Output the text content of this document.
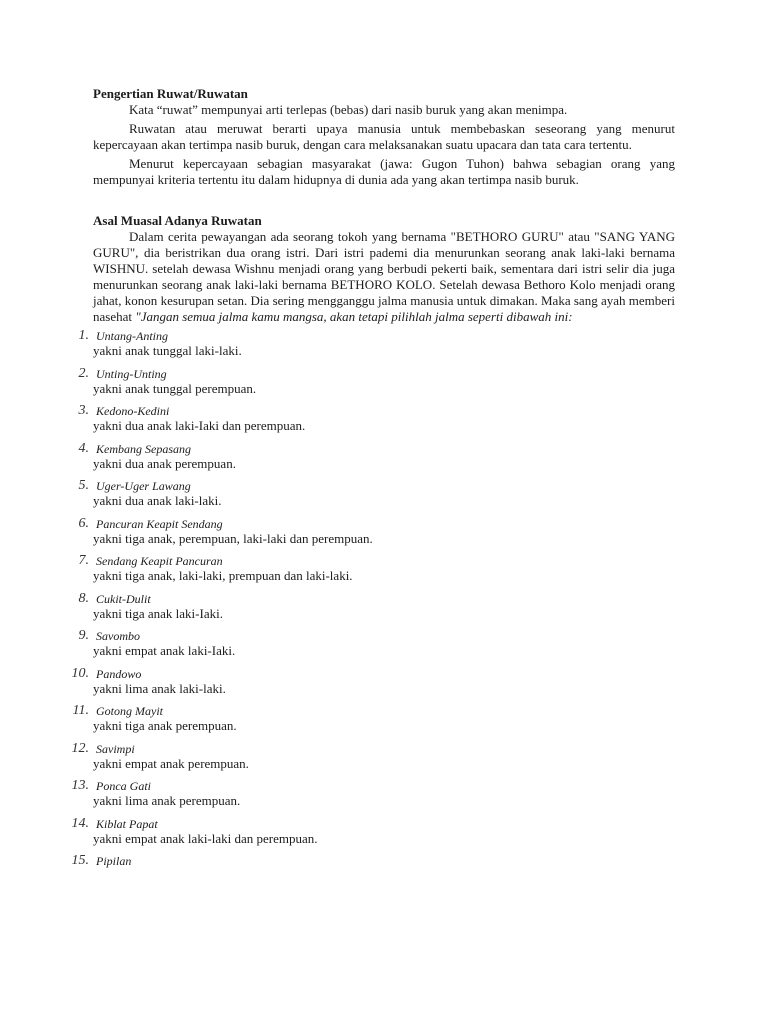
Pengertian Ruwat/Ruwatan

Kata “ruwat” mempunyai arti terlepas (bebas) dari nasib buruk yang akan menimpa.

Ruwatan atau meruwat berarti upaya manusia untuk membebaskan seseorang yang menurut kepercayaan akan tertimpa nasib buruk, dengan cara melaksanakan suatu upacara dan tata cara tertentu.

Menurut kepercayaan sebagian masyarakat (jawa: Gugon Tuhon) bahwa sebagian orang yang mempunyai kriteria tertentu itu dalam hidupnya di dunia ada yang akan tertimpa nasib buruk.

Asal Muasal Adanya Ruwatan

Dalam cerita pewayangan ada seorang tokoh yang bernama "BETHORO GURU" atau "SANG YANG GURU", dia beristrikan dua orang istri. Dari istri pademi dia menurunkan seorang anak laki-laki bernama WISHNU. setelah dewasa Wishnu menjadi orang yang berbudi pekerti baik, sementara dari istri selir dia juga menurunkan seorang anak laki-laki bernama BETHORO KOLO. Setelah dewasa Bethoro Kolo menjadi orang jahat, konon kesurupan setan. Dia sering mengganggu jalma manusia untuk dimakan. Maka sang ayah memberi nasehat "Jangan semua jalma kamu mangsa, akan tetapi pilihlah jalma seperti dibawah ini:

1. Untang-Anting
yakni anak tunggal laki-laki.
2. Unting-Unting
yakni anak tunggal perempuan.
3. Kedono-Kedini
yakni dua anak laki-Iaki dan perempuan.
4. Kembang Sepasang
yakni dua anak perempuan.
5. Uger-Uger Lawang
yakni dua anak laki-laki.
6. Pancuran Keapit Sendang
yakni tiga anak, perempuan, laki-laki dan perempuan.
7. Sendang Keapit Pancuran
yakni tiga anak, laki-laki, prempuan dan laki-laki.
8. Cukit-Dulit
yakni tiga anak laki-Iaki.
9. Savombo
yakni empat anak laki-Iaki.
10. Pandowo
yakni lima anak laki-laki.
11. Gotong Mayit
yakni tiga anak perempuan.
12. Savimpi
yakni empat anak perempuan.
13. Ponca Gati
yakni lima anak perempuan.
14. Kiblat Papat
yakni empat anak laki-laki dan perempuan.
15. Pipilan
